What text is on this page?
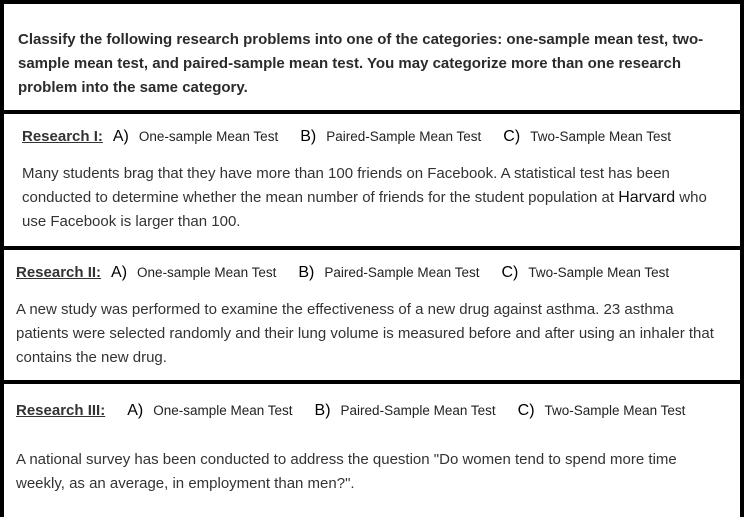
Classify the following research problems into one of the categories: one-sample mean test, two-sample mean test, and paired-sample mean test. You may categorize more than one research problem into the same category.

Research I: A) One-sample Mean Test B) Paired-Sample Mean Test C) Two-Sample Mean Test

Many students brag that they have more than 100 friends on Facebook. A statistical test has been conducted to determine whether the mean number of friends for the student population at Harvard who use Facebook is larger than 100.

Research II: A) One-sample Mean Test B) Paired-Sample Mean Test C) Two-Sample Mean Test

A new study was performed to examine the effectiveness of a new drug against asthma. 23 asthma patients were selected randomly and their lung volume is measured before and after using an inhaler that contains the new drug.

Research III: A) One-sample Mean Test B) Paired-Sample Mean Test C) Two-Sample Mean Test

A national survey has been conducted to address the question "Do women tend to spend more time weekly, as an average, in employment than men?".
